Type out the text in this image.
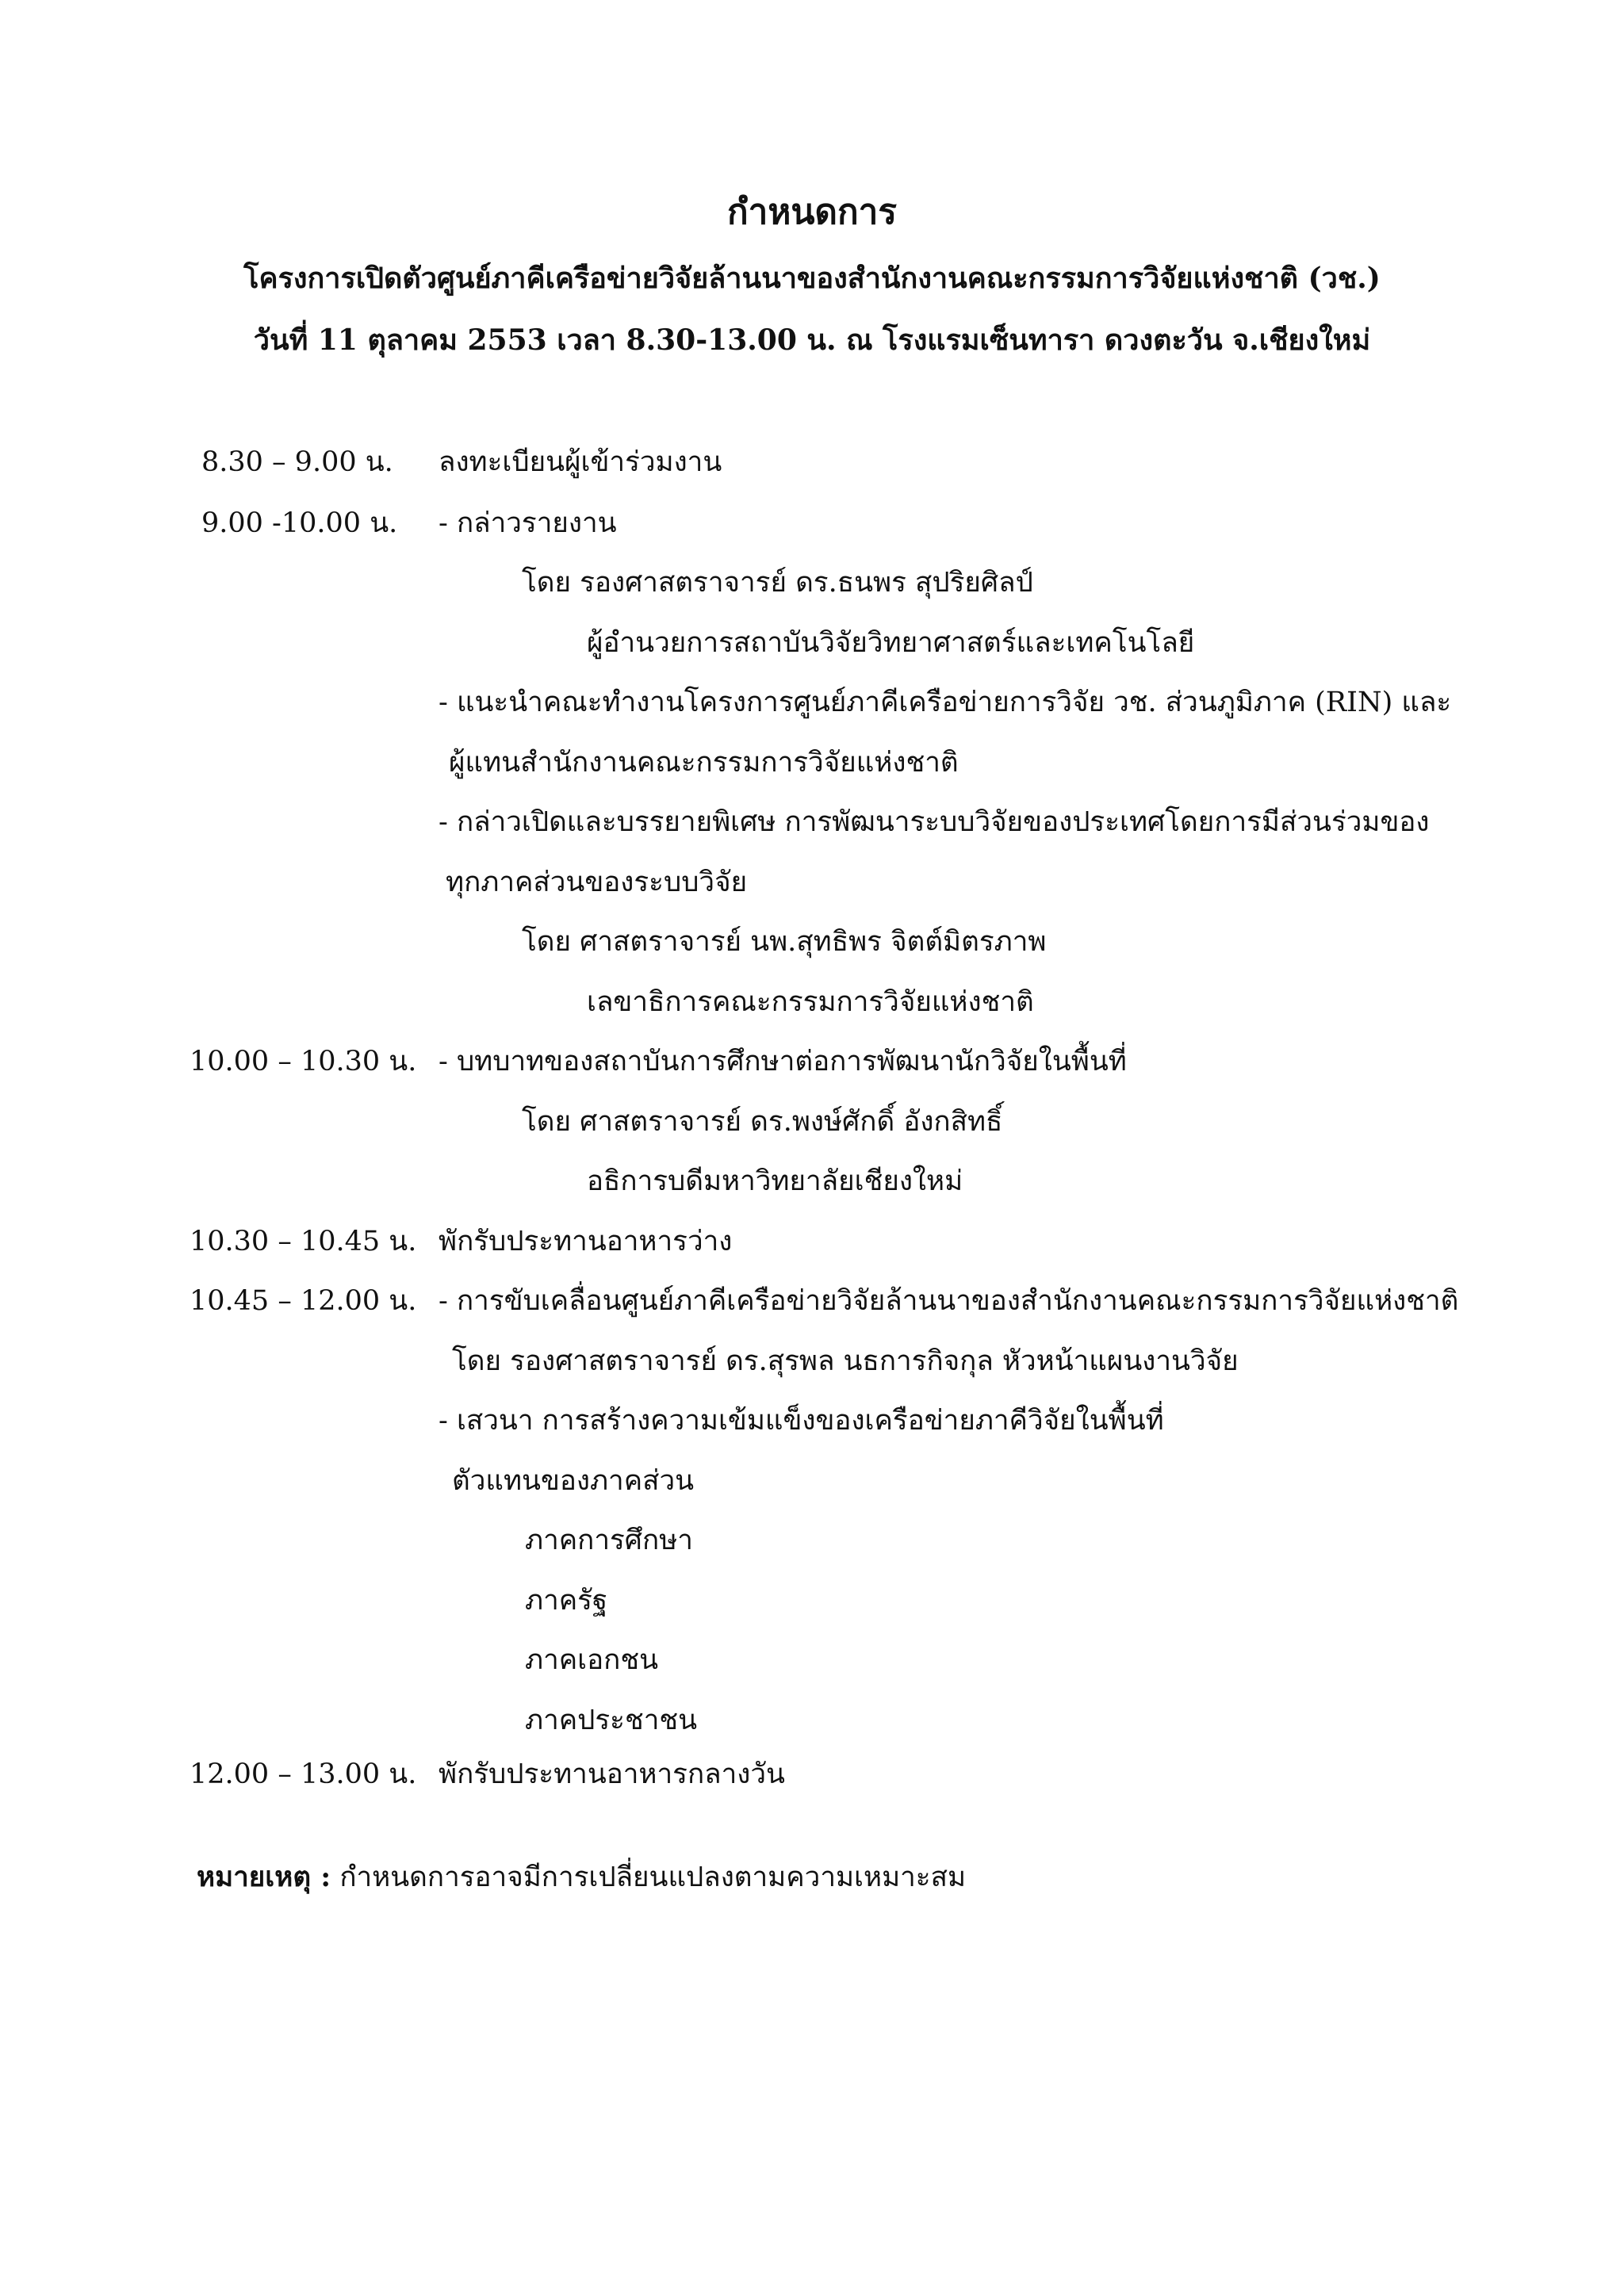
กำหนดการ
โครงการเปิดตัวศูนย์ภาคีเครือข่ายวิจัยล้านนาของสำนักงานคณะกรรมการวิจัยแห่งชาติ (วช.)
วันที่ 11 ตุลาคม 2553 เวลา 8.30-13.00 น. ณ โรงแรมเซ็นทารา ดวงตะวัน จ.เชียงใหม่
8.30 – 9.00 น.
9.00 -10.00 น.
10.00 – 10.30 น.
10.30 – 10.45 น.
10.45 – 12.00 น.
12.00 – 13.00 น.
ลงทะเบียนผู้เข้าร่วมงาน
- กล่าวรายงาน
โดย รองศาสตราจารย์ ดร.ธนพร สุปริยศิลป์
ผู้อำนวยการสถาบันวิจัยวิทยาศาสตร์และเทคโนโลยี
- แนะนำคณะทำงานโครงการศูนย์ภาคีเครือข่ายการวิจัย วช. ส่วนภูมิภาค (RIN) และ
ผู้แทนสำนักงานคณะกรรมการวิจัยแห่งชาติ
- กล่าวเปิดและบรรยายพิเศษ การพัฒนาระบบวิจัยของประเทศโดยการมีส่วนร่วมของ
ทุกภาคส่วนของระบบวิจัย
โดย ศาสตราจารย์ นพ.สุทธิพร จิตต์มิตรภาพ
เลขาธิการคณะกรรมการวิจัยแห่งชาติ
- บทบาทของสถาบันการศึกษาต่อการพัฒนานักวิจัยในพื้นที่
โดย ศาสตราจารย์ ดร.พงษ์ศักดิ์ อังกสิทธิ์
อธิการบดีมหาวิทยาลัยเชียงใหม่
พักรับประทานอาหารว่าง
- การขับเคลื่อนศูนย์ภาคีเครือข่ายวิจัยล้านนาของสำนักงานคณะกรรมการวิจัยแห่งชาติ
โดย รองศาสตราจารย์ ดร.สุรพล นธการกิจกุล หัวหน้าแผนงานวิจัย
- เสวนา การสร้างความเข้มแข็งของเครือข่ายภาคีวิจัยในพื้นที่
ตัวแทนของภาคส่วน
ภาคการศึกษา
ภาครัฐ
ภาคเอกชน
ภาคประชาชน
พักรับประทานอาหารกลางวัน
หมายเหตุ : กำหนดการอาจมีการเปลี่ยนแปลงตามความเหมาะสม
